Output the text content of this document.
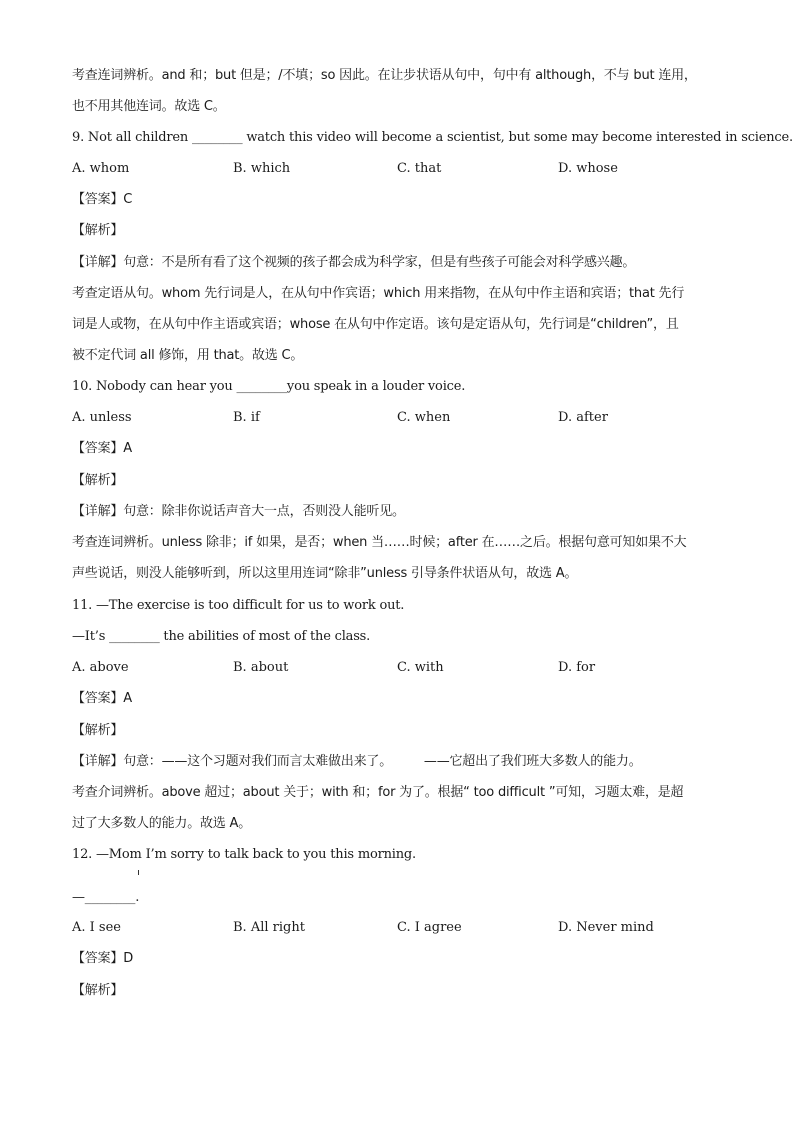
考查连词辨析。and 和；but 但是；/不填；so 因此。在让步状语从句中，句中有 although，不与 but 连用，
也不用其他连词。故选 C。
9. Not all children ________ watch this video will become a scientist, but some may become interested in science.
A. whom	B. which	C. that	D. whose
【答案】C
【解析】
【详解】句意：不是所有看了这个视频的孩子都会成为科学家，但是有些孩子可能会对科学感兴趣。
考查定语从句。whom 先行词是人，在从句中作宾语；which 用来指物，在从句中作主语和宾语；that 先行
词是人或物，在从句中作主语或宾语；whose 在从句中作定语。该句是定语从句，先行词是“children”，且
被不定代词 all 修饰，用 that。故选 C。
10. Nobody can hear you ________you speak in a louder voice.
A. unless	B. if	C. when	D. after
【答案】A
【解析】
【详解】句意：除非你说话声音大一点，否则没人能听见。
考查连词辨析。unless 除非；if 如果，是否；when 当……时候；after 在……之后。根据句意可知如果不大
声些说话，则没人能够听到，所以这里用连词“除非”unless 引导条件状语从句，故选 A。
11. —The exercise is too difficult for us to work out.
—It’s ________ the abilities of most of the class.
A. above	B. about	C. with	D. for
【答案】A
【解析】
【详解】句意：——这个习题对我们而言太难做出来了。　　　——它超出了我们班大多数人的能力。
考查介词辨析。above 超过；about 关于；with 和；for 为了。根据“ too difficult ”可知，习题太难，是超
过了大多数人的能力。故选 A。
12. —Mom I’m sorry to talk back to you this morning.
—________.
A. I see	B. All right	C. I agree	D. Never mind
【答案】D
【解析】
